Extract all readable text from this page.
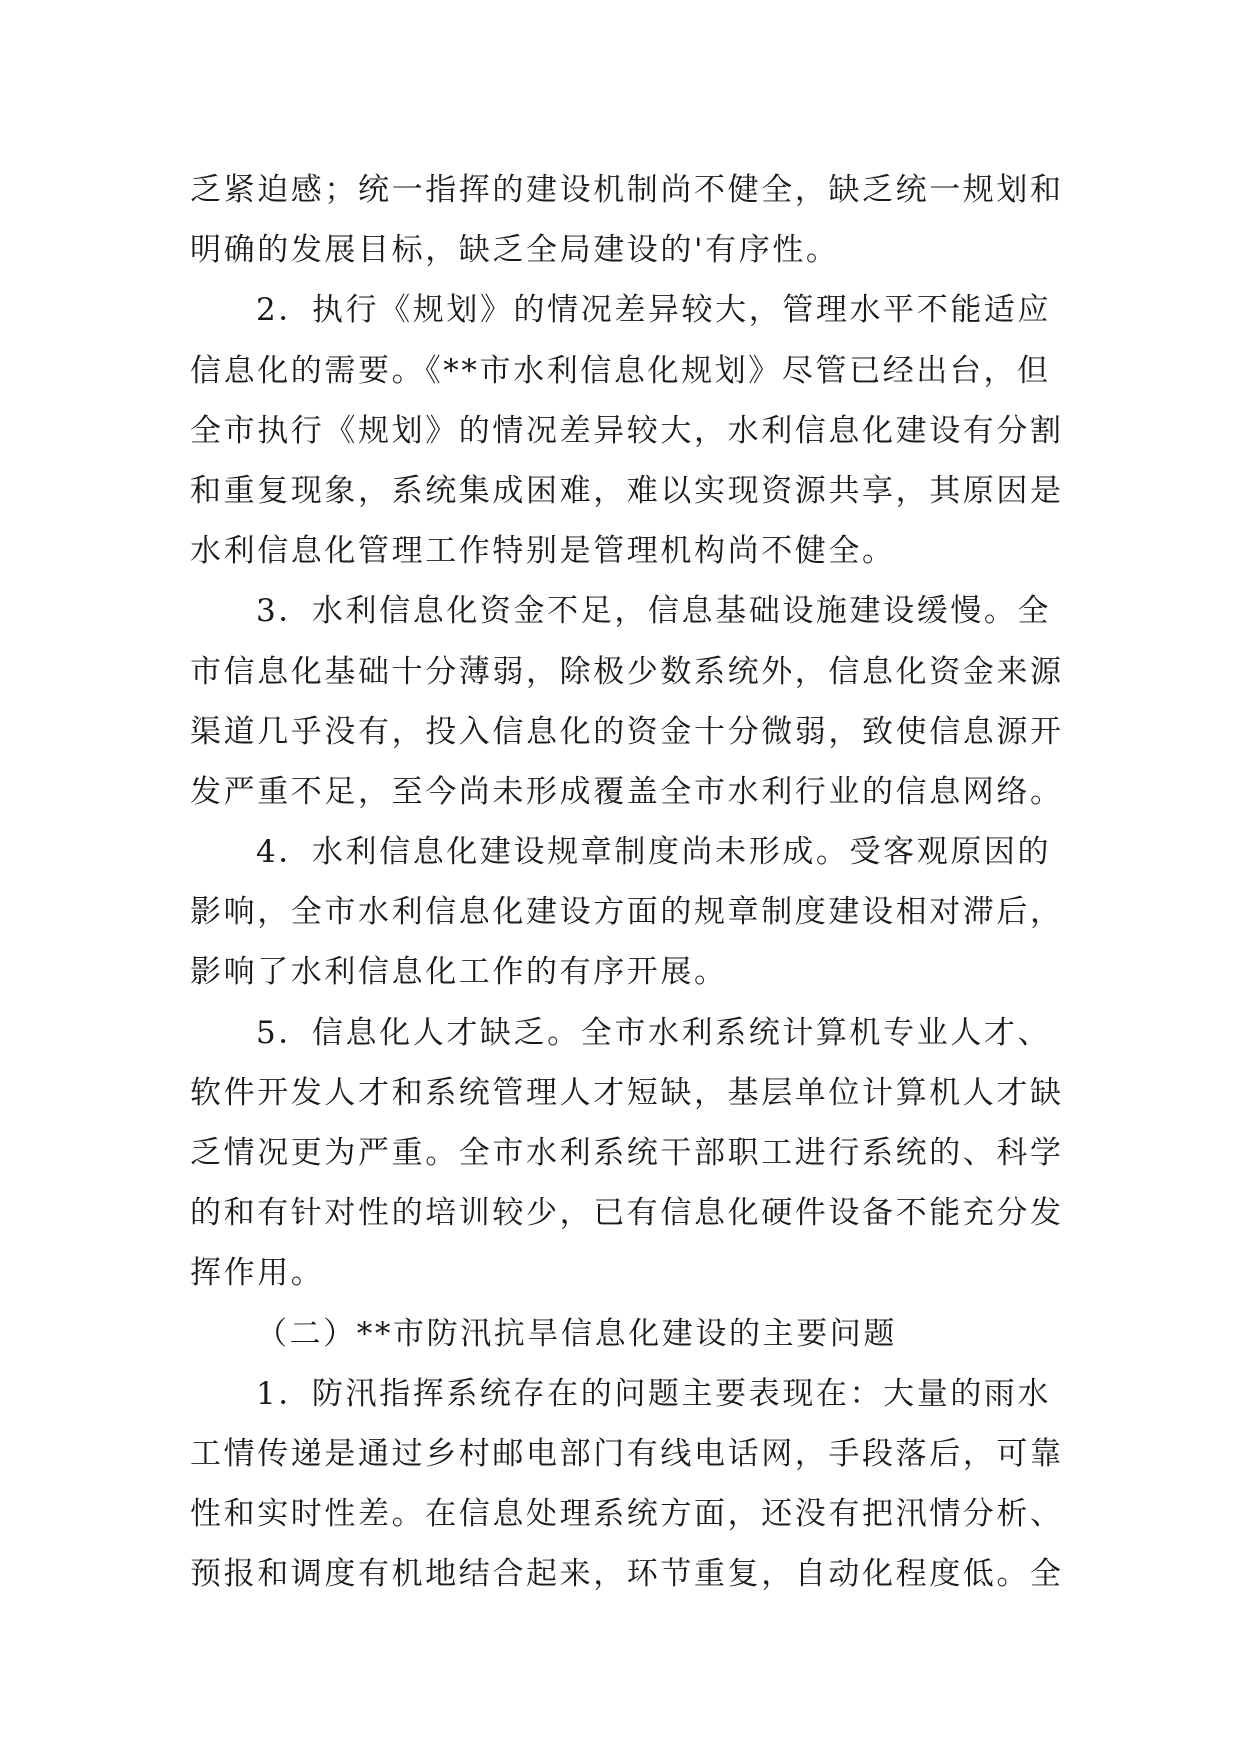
乏紧迫感；统一指挥的建设机制尚不健全，缺乏统一规划和
明确的发展目标，缺乏全局建设的'有序性。
2．执行《规划》的情况差异较大，管理水平不能适应
信息化的需要。《**市水利信息化规划》尽管已经出台，但
全市执行《规划》的情况差异较大，水利信息化建设有分割
和重复现象，系统集成困难，难以实现资源共享，其原因是
水利信息化管理工作特别是管理机构尚不健全。
3．水利信息化资金不足，信息基础设施建设缓慢。全
市信息化基础十分薄弱，除极少数系统外，信息化资金来源
渠道几乎没有，投入信息化的资金十分微弱，致使信息源开
发严重不足，至今尚未形成覆盖全市水利行业的信息网络。
4．水利信息化建设规章制度尚未形成。受客观原因的
影响，全市水利信息化建设方面的规章制度建设相对滞后，
影响了水利信息化工作的有序开展。
5．信息化人才缺乏。全市水利系统计算机专业人才、
软件开发人才和系统管理人才短缺，基层单位计算机人才缺
乏情况更为严重。全市水利系统干部职工进行系统的、科学
的和有针对性的培训较少，已有信息化硬件设备不能充分发
挥作用。
（二）**市防汛抗旱信息化建设的主要问题
1．防汛指挥系统存在的问题主要表现在：大量的雨水
工情传递是通过乡村邮电部门有线电话网，手段落后，可靠
性和实时性差。在信息处理系统方面，还没有把汛情分析、
预报和调度有机地结合起来，环节重复，自动化程度低。全
